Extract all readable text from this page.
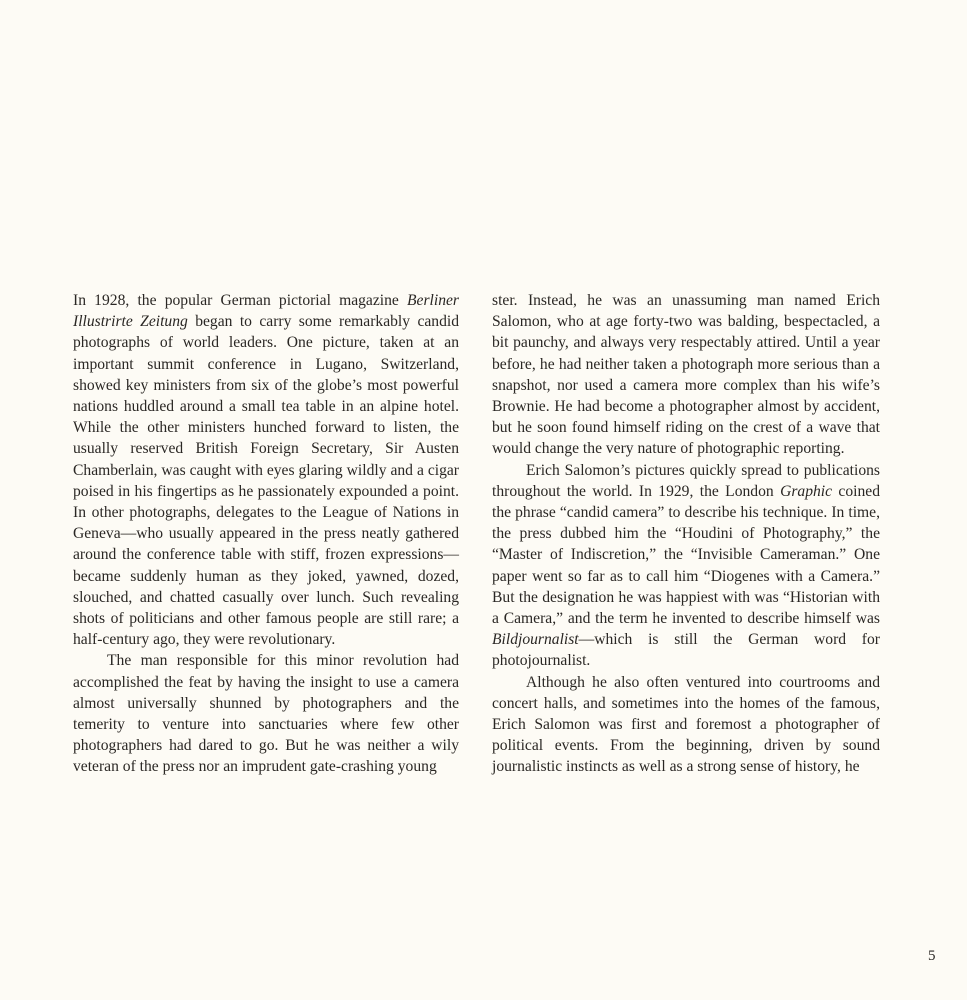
In 1928, the popular German pictorial magazine Berliner Illustrirte Zeitung began to carry some remarkably candid photographs of world leaders. One picture, taken at an important summit conference in Lugano, Switzerland, showed key ministers from six of the globe’s most powerful nations huddled around a small tea table in an alpine hotel. While the other ministers hunched forward to listen, the usually reserved British Foreign Secretary, Sir Austen Chamberlain, was caught with eyes glaring wildly and a cigar poised in his fingertips as he passionately expounded a point. In other photographs, delegates to the League of Nations in Geneva—who usually appeared in the press neatly gathered around the conference table with stiff, frozen expressions—became suddenly human as they joked, yawned, dozed, slouched, and chatted casually over lunch. Such revealing shots of politicians and other famous people are still rare; a half-century ago, they were revolutionary.

The man responsible for this minor revolution had accomplished the feat by having the insight to use a camera almost universally shunned by photographers and the temerity to venture into sanctuaries where few other photographers had dared to go. But he was neither a wily veteran of the press nor an imprudent gate-crashing young

ster. Instead, he was an unassuming man named Erich Salomon, who at age forty-two was balding, bespectacled, a bit paunchy, and always very respectably attired. Until a year before, he had neither taken a photograph more serious than a snapshot, nor used a camera more complex than his wife’s Brownie. He had become a photographer almost by accident, but he soon found himself riding on the crest of a wave that would change the very nature of photographic reporting.

Erich Salomon’s pictures quickly spread to publications throughout the world. In 1929, the London Graphic coined the phrase “candid camera” to describe his technique. In time, the press dubbed him the “Houdini of Photography,” the “Master of Indiscretion,” the “Invisible Cameraman.” One paper went so far as to call him “Diogenes with a Camera.” But the designation he was happiest with was “Historian with a Camera,” and the term he invented to describe himself was Bildjournalist—which is still the German word for photojournalist.

Although he also often ventured into courtrooms and concert halls, and sometimes into the homes of the famous, Erich Salomon was first and foremost a photographer of political events. From the beginning, driven by sound journalistic instincts as well as a strong sense of history, he

5
